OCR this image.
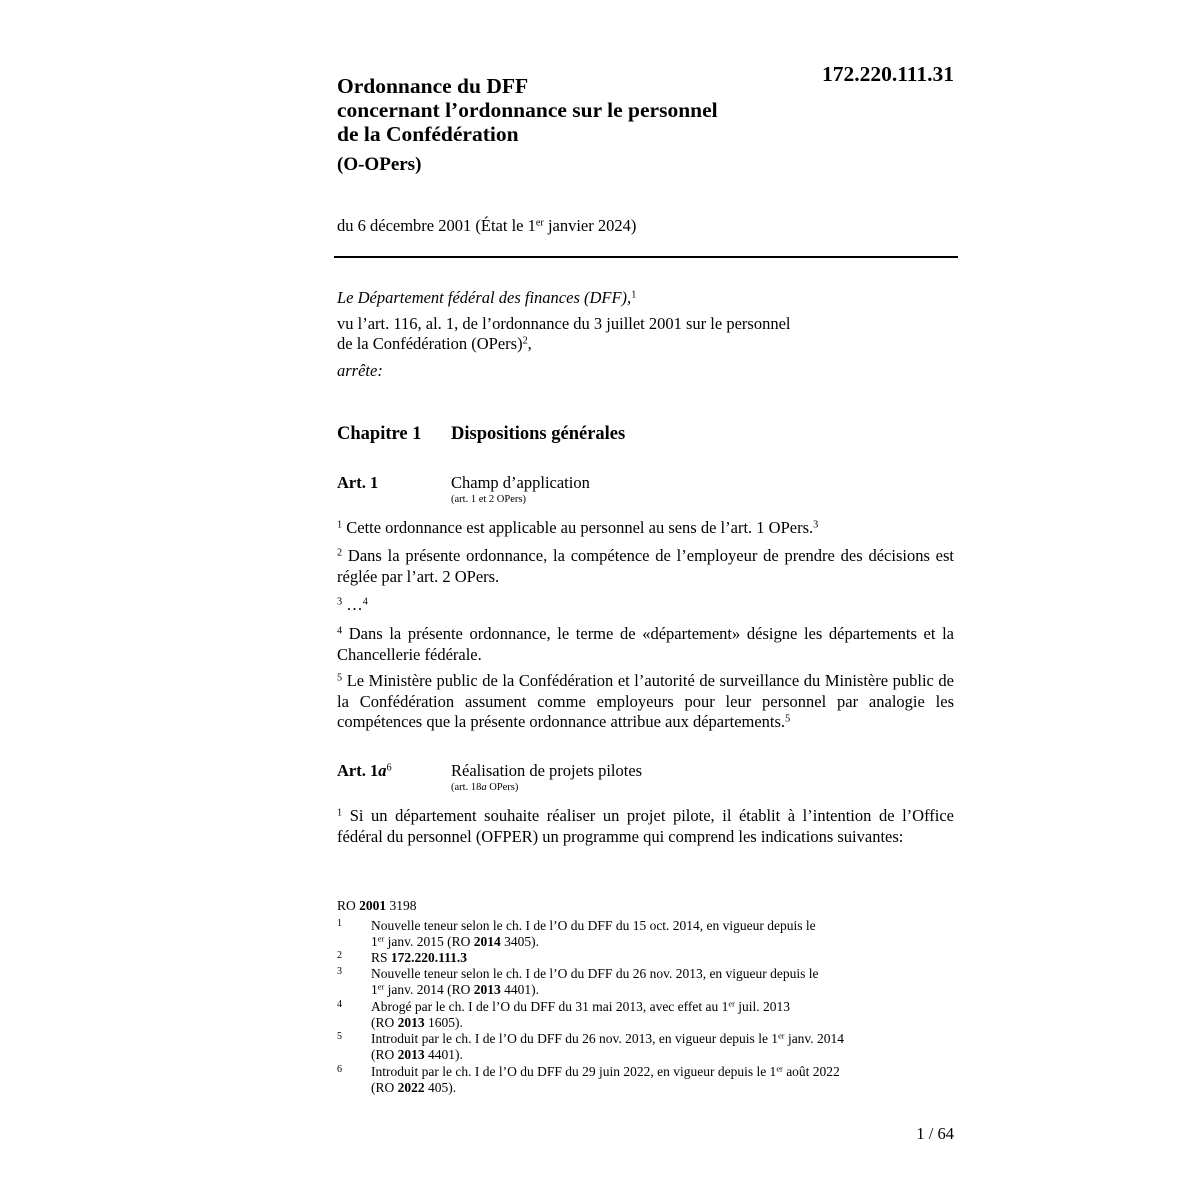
172.220.111.31
Ordonnance du DFF
concernant l’ordonnance sur le personnel
de la Confédération
(O-OPers)
du 6 décembre 2001 (État le 1er janvier 2024)
Le Département fédéral des finances (DFF),$^1$
vu l’art. 116, al. 1, de l’ordonnance du 3 juillet 2001 sur le personnel
de la Confédération (OPers)$^2$,
arrête:
Chapitre 1 Dispositions générales
Art. 1	Champ d’application
(art. 1 et 2 OPers)
$^1$ Cette ordonnance est applicable au personnel au sens de l’art. 1 OPers.$^3$
$^2$ Dans la présente ordonnance, la compétence de l’employeur de prendre des décisions est réglée par l’art. 2 OPers.
$^3$ …$^4$
$^4$ Dans la présente ordonnance, le terme de «département» désigne les départements et la Chancellerie fédérale.
$^5$ Le Ministère public de la Confédération et l’autorité de surveillance du Ministère public de la Confédération assument comme employeurs pour leur personnel par analogie les compétences que la présente ordonnance attribue aux départements.$^5$
Art. $1a^6$	Réalisation de projets pilotes
(art. 18a OPers)
$^1$ Si un département souhaite réaliser un projet pilote, il établit à l’intention de l’Office fédéral du personnel (OFPER) un programme qui comprend les indications suivantes:
RO 2001 3198
1 Nouvelle teneur selon le ch. I de l’O du DFF du 15 oct. 2014, en vigueur depuis le
1er janv. 2015 (RO 2014 3405).
2 RS 172.220.111.3
3 Nouvelle teneur selon le ch. I de l’O du DFF du 26 nov. 2013, en vigueur depuis le
1er janv. 2014 (RO 2013 4401).
4 Abrogé par le ch. I de l’O du DFF du 31 mai 2013, avec effet au 1er juil. 2013
(RO 2013 1605).
5 Introduit par le ch. I de l’O du DFF du 26 nov. 2013, en vigueur depuis le 1er janv. 2014
(RO 2013 4401).
6 Introduit par le ch. I de l’O du DFF du 29 juin 2022, en vigueur depuis le 1er août 2022
(RO 2022 405).
1 / 64
